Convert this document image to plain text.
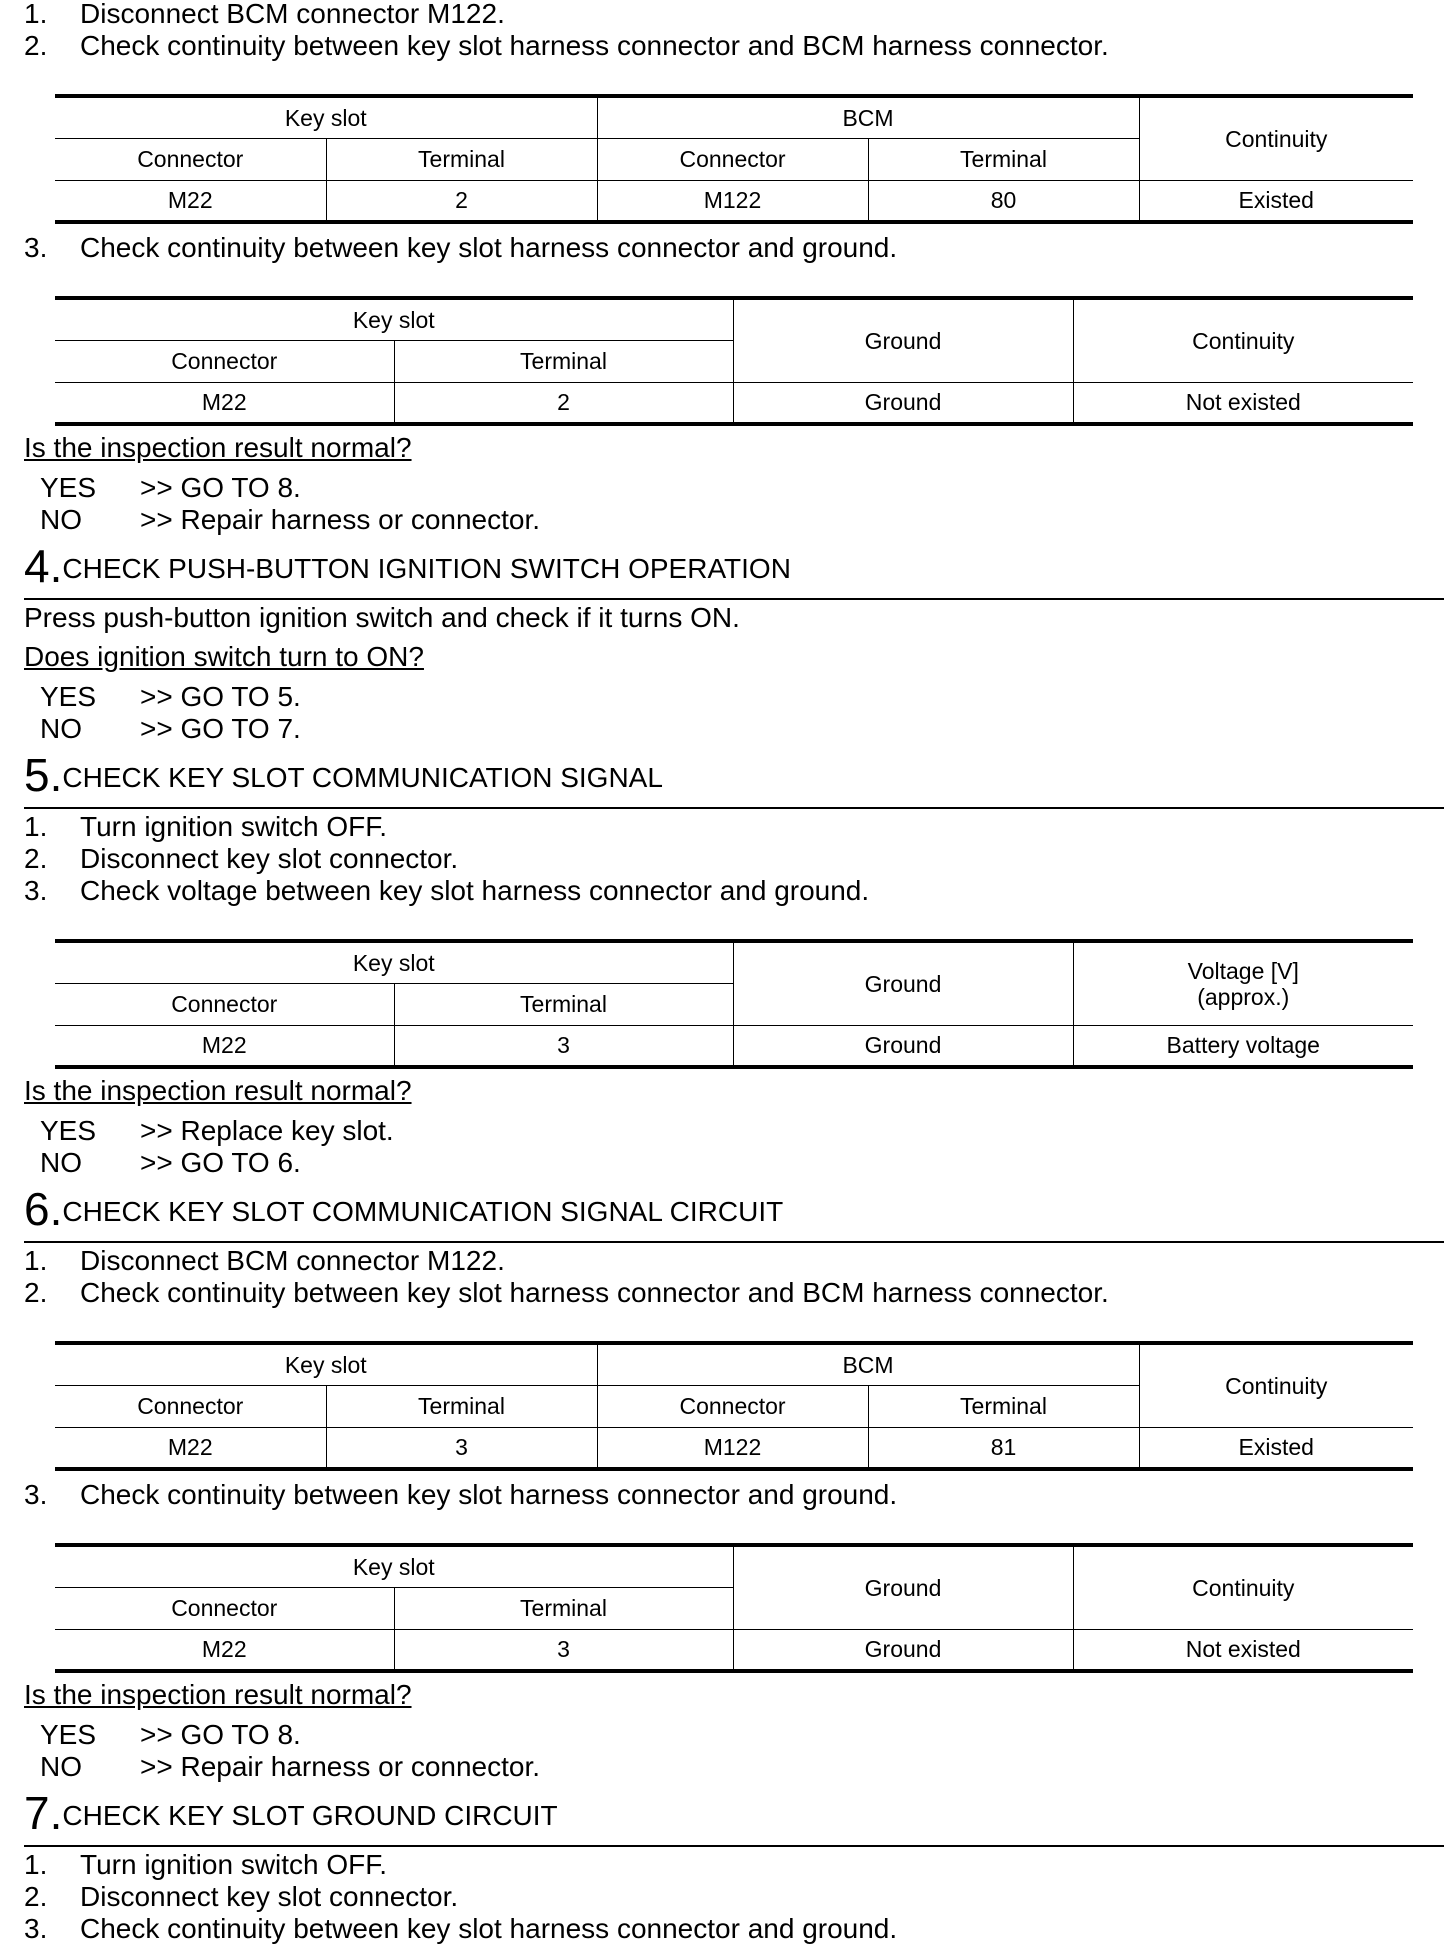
1. Disconnect BCM connector M122.
2. Check continuity between key slot harness connector and BCM harness connector.
Key slot		BCM		Continuity
Connector	Terminal	Connector	Terminal	
M22	2	M122	80	Existed
3. Check continuity between key slot harness connector and ground.
Key slot		Ground	Continuity
Connector	Terminal		
M22	2	Ground	Not existed
Is the inspection result normal?
YES >> GO TO 8.
NO >> Repair harness or connector.
4.CHECK PUSH-BUTTON IGNITION SWITCH OPERATION
Press push-button ignition switch and check if it turns ON.
Does ignition switch turn to ON?
YES >> GO TO 5.
NO >> GO TO 7.
5.CHECK KEY SLOT COMMUNICATION SIGNAL
1. Turn ignition switch OFF.
2. Disconnect key slot connector.
3. Check voltage between key slot harness connector and ground.
Key slot		Ground	Voltage [V]
(approx.)
Connector	Terminal		
M22	3	Ground	Battery voltage
Is the inspection result normal?
YES >> Replace key slot.
NO >> GO TO 6.
6.CHECK KEY SLOT COMMUNICATION SIGNAL CIRCUIT
1. Disconnect BCM connector M122.
2. Check continuity between key slot harness connector and BCM harness connector.
Key slot		BCM		Continuity
Connector	Terminal	Connector	Terminal	
M22	3	M122	81	Existed
3. Check continuity between key slot harness connector and ground.
Key slot		Ground	Continuity
Connector	Terminal		
M22	3	Ground	Not existed
Is the inspection result normal?
YES >> GO TO 8.
NO >> Repair harness or connector.
7.CHECK KEY SLOT GROUND CIRCUIT
1. Turn ignition switch OFF.
2. Disconnect key slot connector.
3. Check continuity between key slot harness connector and ground.
